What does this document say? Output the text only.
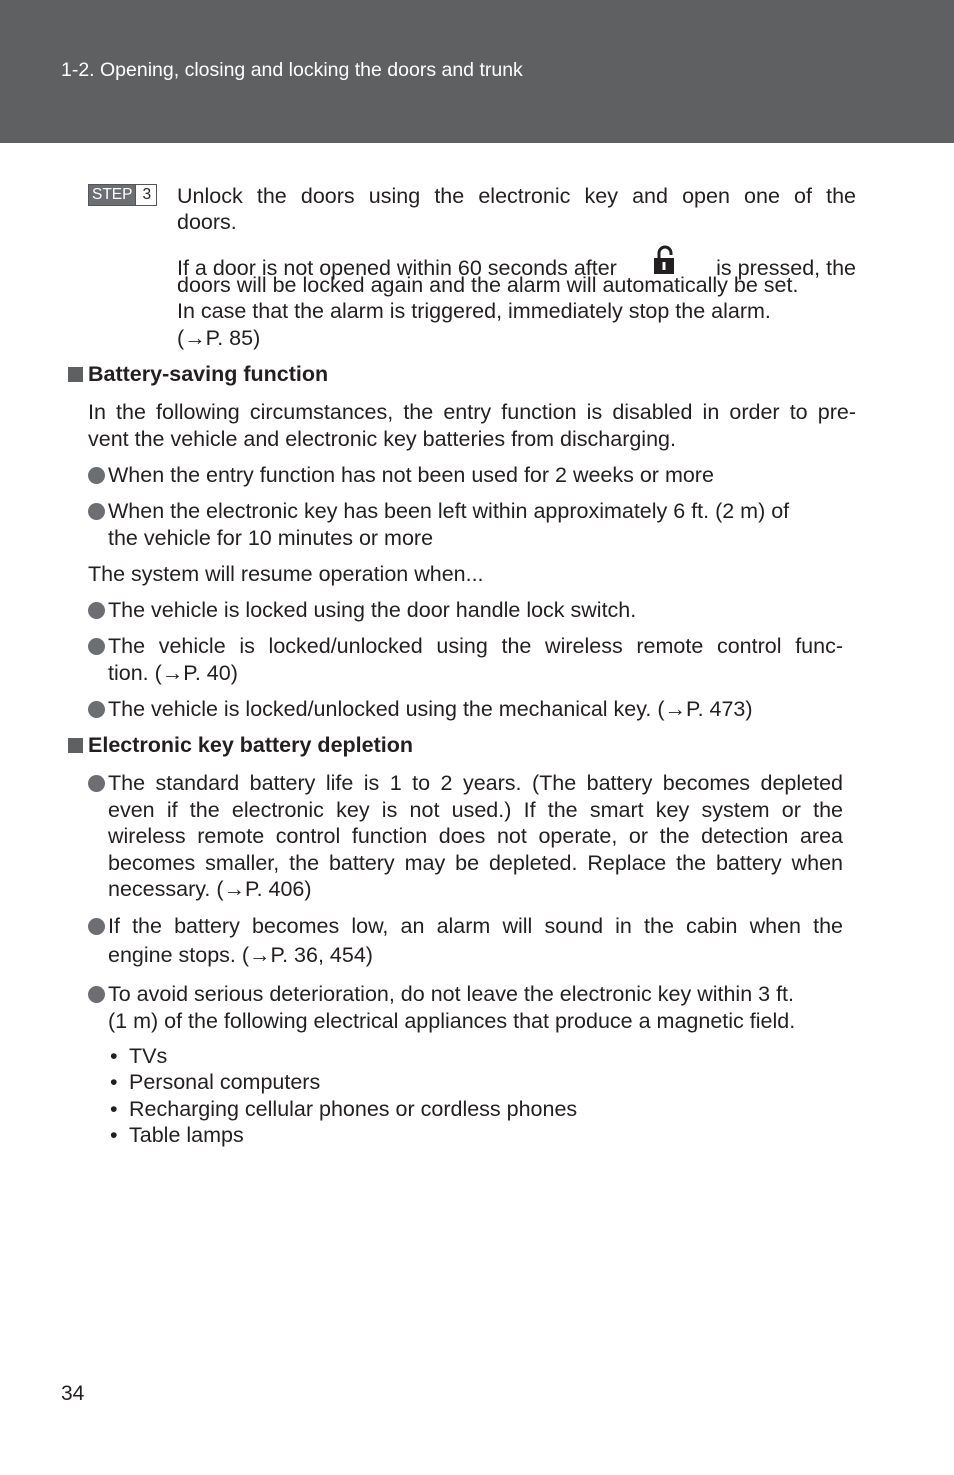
1-2. Opening, closing and locking the doors and trunk
STEP 3 Unlock the doors using the electronic key and open one of the
doors.
If a door is not opened within 60 seconds after	is pressed, the
doors will be locked again and the alarm will automatically be set.
In case that the alarm is triggered, immediately stop the alarm.
(→P. 85)
Battery-saving function
In the following circumstances, the entry function is disabled in order to pre-
vent the vehicle and electronic key batteries from discharging.
When the entry function has not been used for 2 weeks or more
When the electronic key has been left within approximately 6 ft. (2 m) of
the vehicle for 10 minutes or more
The system will resume operation when...
The vehicle is locked using the door handle lock switch.
The vehicle is locked/unlocked using the wireless remote control func-
tion. (→P. 40)
The vehicle is locked/unlocked using the mechanical key. (→P. 473)
Electronic key battery depletion
The standard battery life is 1 to 2 years. (The battery becomes depleted
even if the electronic key is not used.) If the smart key system or the
wireless remote control function does not operate, or the detection area
becomes smaller, the battery may be depleted. Replace the battery when
necessary. (→P. 406)
If the battery becomes low, an alarm will sound in the cabin when the
engine stops. (→P. 36, 454)
To avoid serious deterioration, do not leave the electronic key within 3 ft.
(1 m) of the following electrical appliances that produce a magnetic field.
• TVs
• Personal computers
• Recharging cellular phones or cordless phones
• Table lamps
34
